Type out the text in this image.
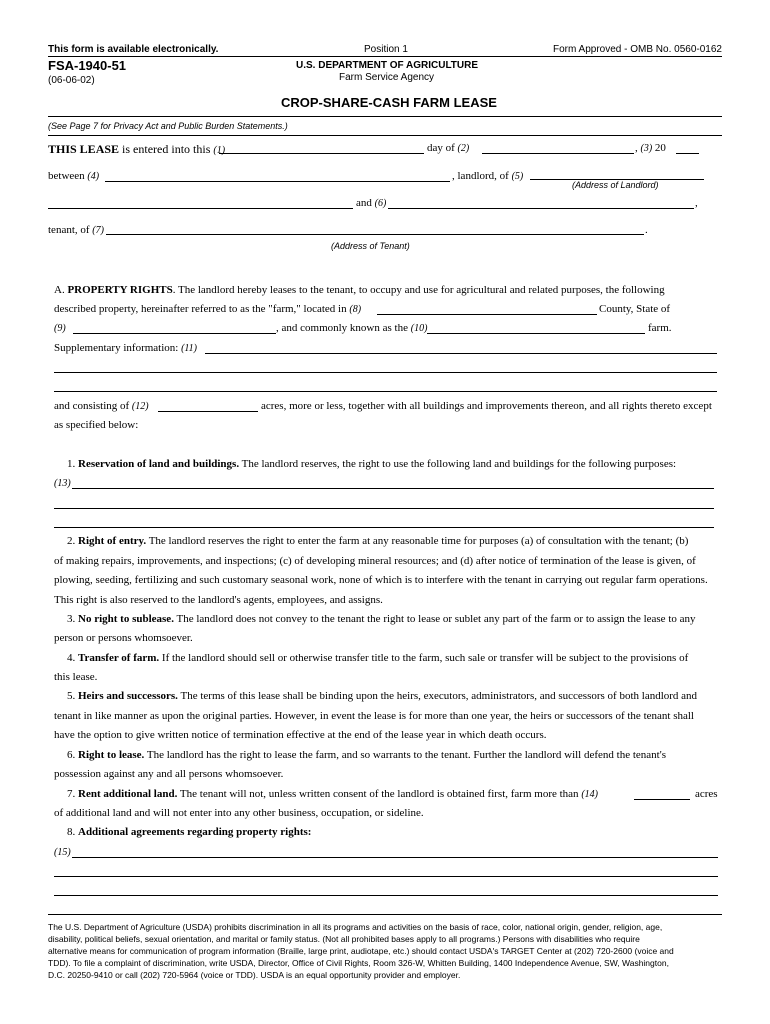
This form is available electronically.	Position 1	Form Approved - OMB No. 0560-0162
FSA-1940-51
(06-06-02)
U.S. DEPARTMENT OF AGRICULTURE
Farm Service Agency
CROP-SHARE-CASH FARM LEASE
(See Page 7 for Privacy Act and Public Burden Statements.)
THIS LEASE is entered into this (1)	day of (2)	, (3) 20
between (4)	, landlord, of (5)
(Address of Landlord)
and (6)	,
tenant, of (7)	.
(Address of Tenant)
A. PROPERTY RIGHTS. The landlord hereby leases to the tenant, to occupy and use for agricultural and related purposes, the following
described property, hereinafter referred to as the "farm," located in (8)	County, State of
(9)	, and commonly known as the (10)	farm.
Supplementary information: (11)
and consisting of (12)	acres, more or less, together with all buildings and improvements thereon, and all rights thereto except
as specified below:
1. Reservation of land and buildings. The landlord reserves, the right to use the following land and buildings for the following purposes:
(13)
2. Right of entry. The landlord reserves the right to enter the farm at any reasonable time for purposes (a) of consultation with the tenant; (b)
of making repairs, improvements, and inspections; (c) of developing mineral resources; and (d) after notice of termination of the lease is given, of
plowing, seeding, fertilizing and such customary seasonal work, none of which is to interfere with the tenant in carrying out regular farm operations.
This right is also reserved to the landlord's agents, employees, and assigns.
3. No right to sublease. The landlord does not convey to the tenant the right to lease or sublet any part of the farm or to assign the lease to any
person or persons whomsoever.
4. Transfer of farm. If the landlord should sell or otherwise transfer title to the farm, such sale or transfer will be subject to the provisions of
this lease.
5. Heirs and successors. The terms of this lease shall be binding upon the heirs, executors, administrators, and successors of both landlord and
tenant in like manner as upon the original parties. However, in event the lease is for more than one year, the heirs or successors of the tenant shall
have the option to give written notice of termination effective at the end of the lease year in which death occurs.
6. Right to lease. The landlord has the right to lease the farm, and so warrants to the tenant. Further the landlord will defend the tenant's
possession against any and all persons whomsoever.
7. Rent additional land. The tenant will not, unless written consent of the landlord is obtained first, farm more than (14)	acres
of additional land and will not enter into any other business, occupation, or sideline.
8. Additional agreements regarding property rights:
(15)
The U.S. Department of Agriculture (USDA) prohibits discrimination in all its programs and activities on the basis of race, color, national origin, gender, religion, age,
disability, political beliefs, sexual orientation, and marital or family status. (Not all prohibited bases apply to all programs.) Persons with disabilities who require
alternative means for communication of program information (Braille, large print, audiotape, etc.) should contact USDA's TARGET Center at (202) 720-2600 (voice and
TDD). To file a complaint of discrimination, write USDA, Director, Office of Civil Rights, Room 326-W, Whitten Building, 1400 Independence Avenue, SW, Washington,
D.C. 20250-9410 or call (202) 720-5964 (voice or TDD). USDA is an equal opportunity provider and employer.
